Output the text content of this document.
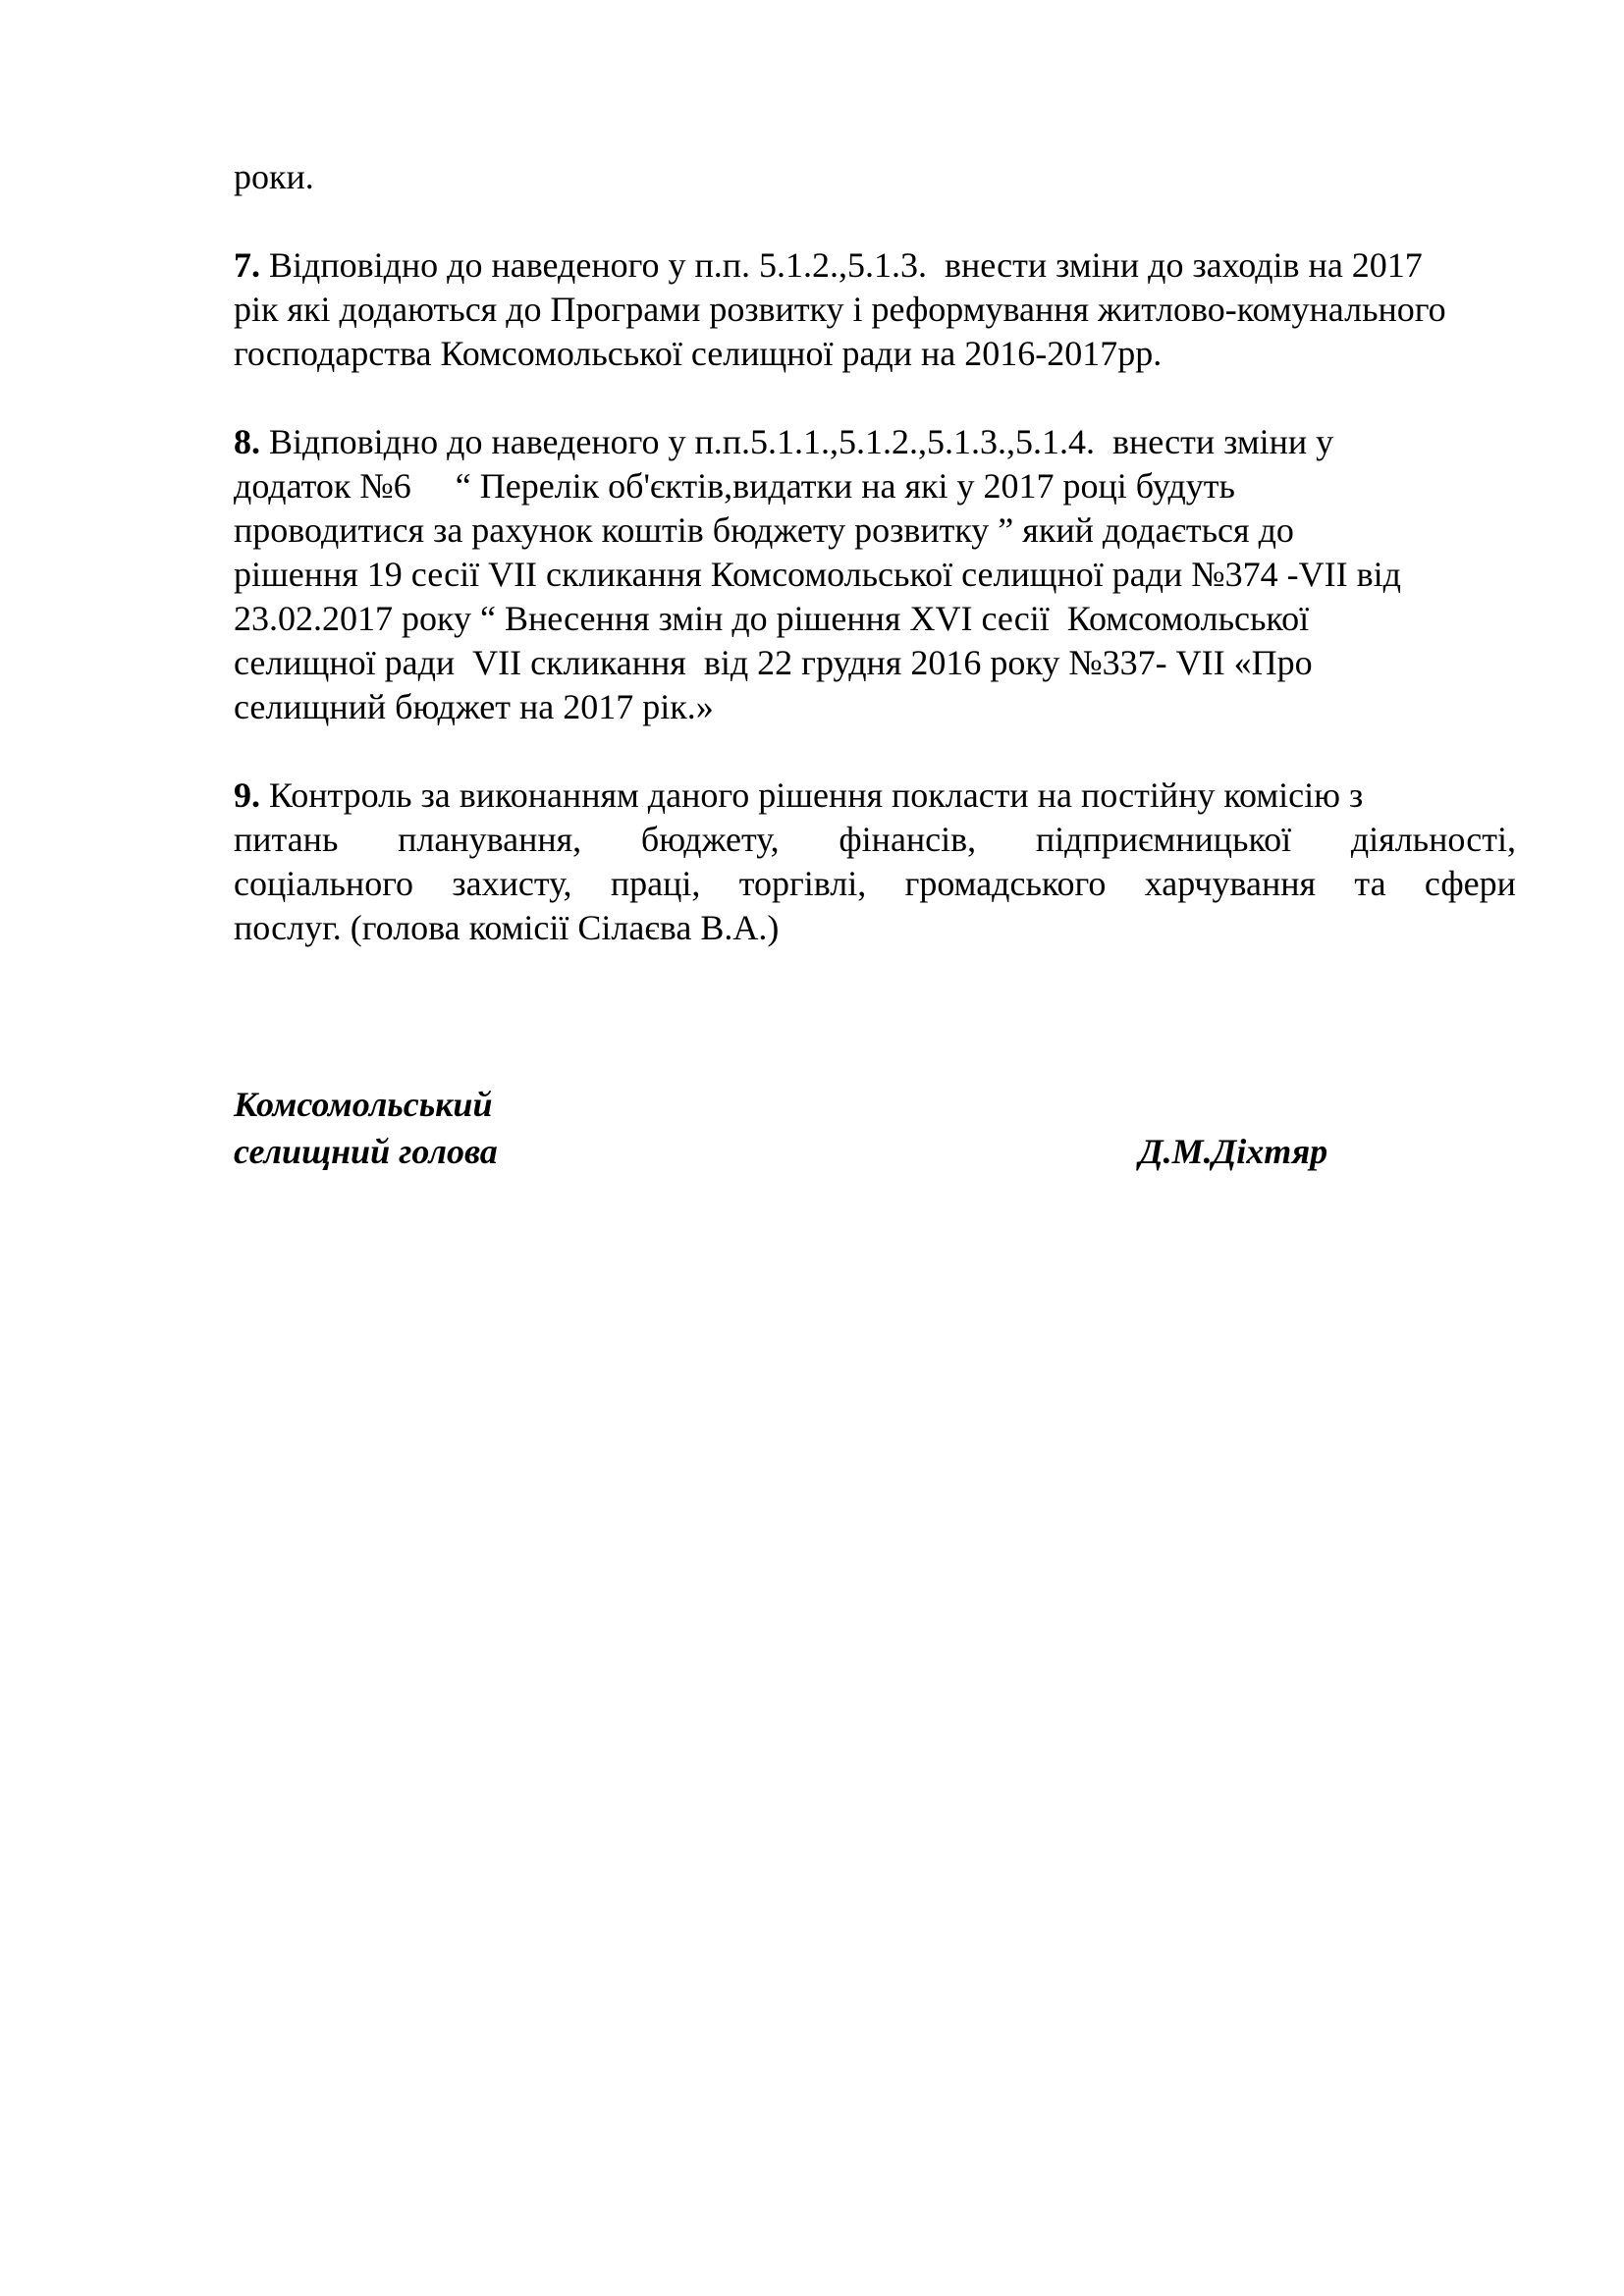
роки.
7. Відповідно до наведеного у п.п. 5.1.2.,5.1.3.  внести зміни до заходів на 2017
рік які додаються до Програми розвитку і реформування житлово-комунального
господарства Комсомольської селищної ради на 2016-2017рр.
8. Відповідно до наведеного у п.п.5.1.1.,5.1.2.,5.1.3.,5.1.4.  внести зміни у
додаток №6     “ Перелік об'єктів,видатки на які у 2017 році будуть
проводитися за рахунок коштів бюджету розвитку ” який додається до
рішення 19 сесії VII скликання Комсомольської селищної ради №374 -VII від
23.02.2017 року “ Внесення змін до рішення XVI сесії  Комсомольської
селищної ради  VII скликання  від 22 грудня 2016 року №337- VII «Про
селищний бюджет на 2017 рік.»
9. Контроль за виконанням даного рішення покласти на постійну комісію з
питань планування, бюджету, фінансів, підприємницької діяльності,
соціального захисту, праці, торгівлі, громадського харчування та сфери
послуг. (голова комісії Сілаєва В.А.)
Комсомольський
селищний голова	Д.М.Діхтяр
